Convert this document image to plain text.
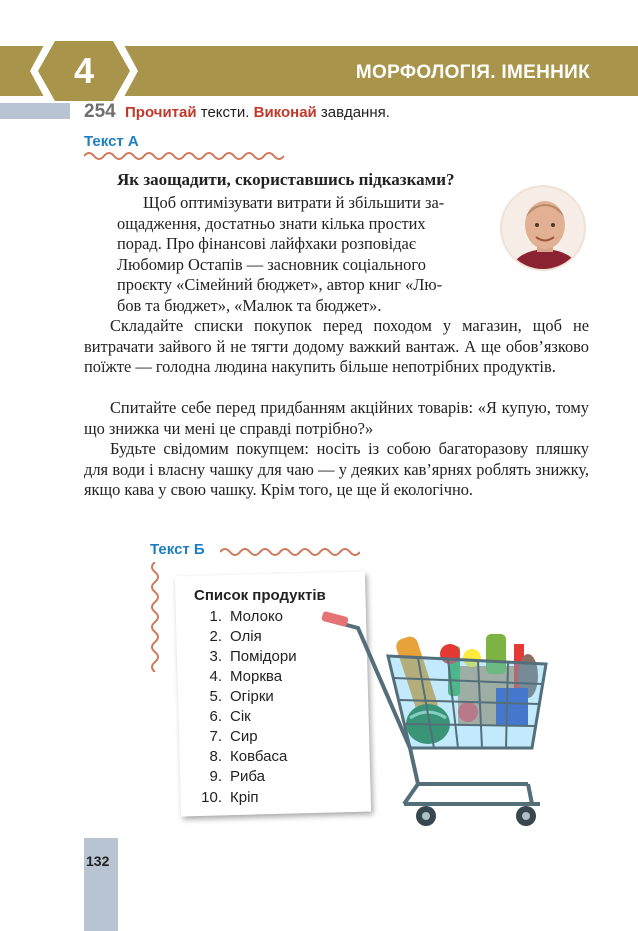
4	МОРФОЛОГІЯ. ІМЕННИК
254 Прочитай тексти. Виконай завдання.
Текст А
Як заощадити, скориставшись підказками?
Щоб оптимізувати витрати й збільшити за-
ощадження, достатньо знати кілька простих
порад. Про фінансові лайфхаки розповідає
Любомир Остапів — засновник соціального
проєкту «Сімейний бюджет», автор книг «Лю-
бов та бюджет», «Малюк та бюджет».
Складайте списки покупок перед походом у магазин, щоб не витрачати зайвого й не тягти додому важкий вантаж. А ще обов’язково поїжте — голодна людина накупить більше непотрібних продуктів.
Спитайте себе перед придбанням акційних товарів: «Я купую, тому що знижка чи мені це справді потрібно?»
Будьте свідомим покупцем: носіть із собою багаторазову пляшку для води і власну чашку для чаю — у деяких кав’ярнях роблять знижку, якщо кава у свою чашку. Крім того, це ще й екологічно.
Текст Б
Список продуктів
1. Молоко
2. Олія
3. Помідори
4. Морква
5. Огірки
6. Сік
7. Сир
8. Ковбаса
9. Риба
10. Кріп
132
